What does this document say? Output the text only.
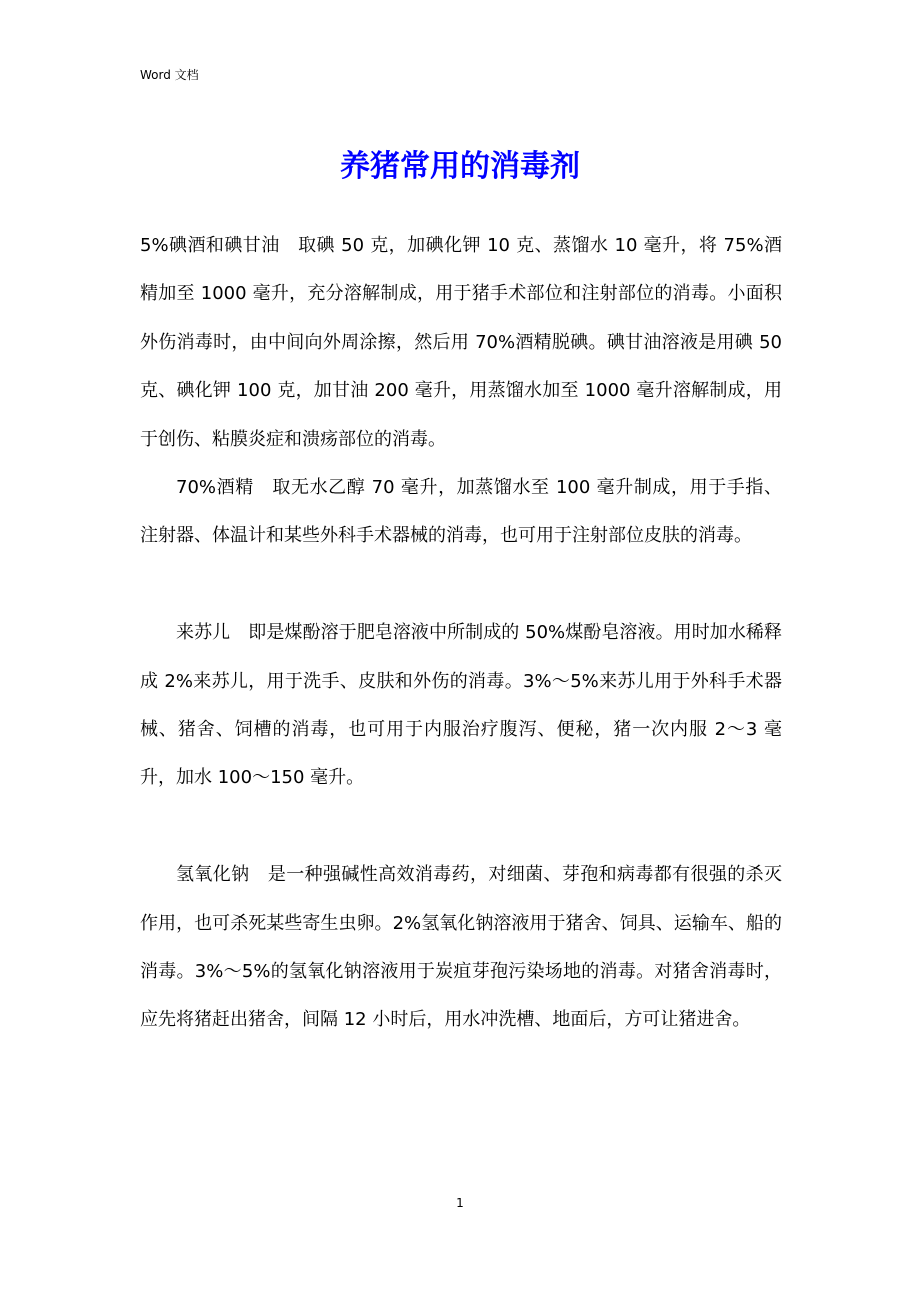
Word 文档
养猪常用的消毒剂

5%碘酒和碘甘油　取碘 50 克，加碘化钾 10 克、蒸馏水 10 毫升，将 75%酒精加至 1000 毫升，充分溶解制成，用于猪手术部位和注射部位的消毒。小面积外伤消毒时，由中间向外周涂擦，然后用 70%酒精脱碘。碘甘油溶液是用碘 50 克、碘化钾 100 克，加甘油 200 毫升，用蒸馏水加至 1000 毫升溶解制成，用于创伤、粘膜炎症和溃疡部位的消毒。

70%酒精　取无水乙醇 70 毫升，加蒸馏水至 100 毫升制成，用于手指、注射器、体温计和某些外科手术器械的消毒，也可用于注射部位皮肤的消毒。

来苏儿　即是煤酚溶于肥皂溶液中所制成的 50%煤酚皂溶液。用时加水稀释成 2%来苏儿，用于洗手、皮肤和外伤的消毒。3%～5%来苏儿用于外科手术器械、猪舍、饲槽的消毒，也可用于内服治疗腹泻、便秘，猪一次内服 2～3 毫升，加水 100～150 毫升。

氢氧化钠　是一种强碱性高效消毒药，对细菌、芽孢和病毒都有很强的杀灭作用，也可杀死某些寄生虫卵。2%氢氧化钠溶液用于猪舍、饲具、运输车、船的消毒。3%～5%的氢氧化钠溶液用于炭疽芽孢污染场地的消毒。对猪舍消毒时，应先将猪赶出猪舍，间隔 12 小时后，用水冲洗槽、地面后，方可让猪进舍。

1
